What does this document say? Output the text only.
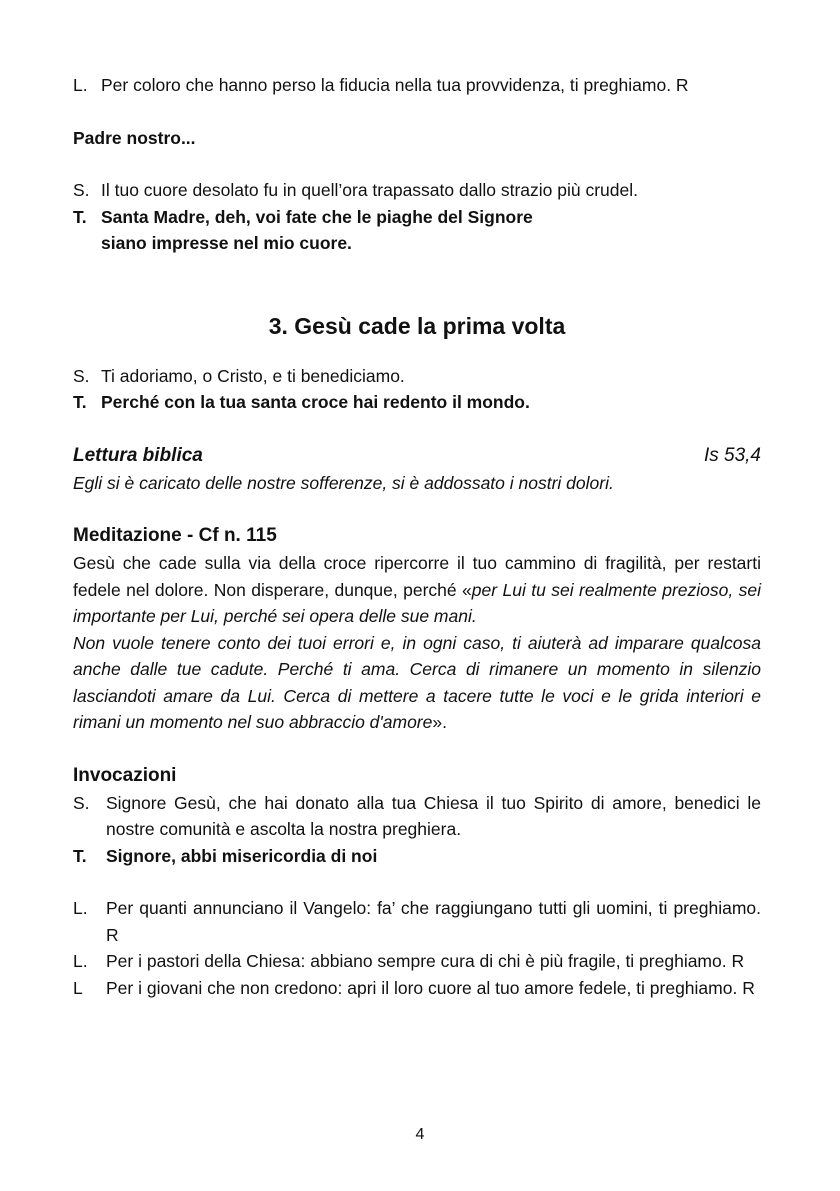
L. Per coloro che hanno perso la fiducia nella tua provvidenza, ti preghiamo. R
Padre nostro...
S. Il tuo cuore desolato fu in quell’ora trapassato dallo strazio più crudel.
T. Santa Madre, deh, voi fate che le piaghe del Signore
siano impresse nel mio cuore.
3. Gesù cade la prima volta
S. Ti adoriamo, o Cristo, e ti benediciamo.
T. Perché con la tua santa croce hai redento il mondo.
Lettura biblica	Is 53,4
Egli si è caricato delle nostre sofferenze, si è addossato i nostri dolori.
Meditazione - Cf n. 115
Gesù che cade sulla via della croce ripercorre il tuo cammino di fragilità, per restarti fedele nel dolore. Non disperare, dunque, perché «per Lui tu sei realmente prezioso, sei importante per Lui, perché sei opera delle sue mani.
Non vuole tenere conto dei tuoi errori e, in ogni caso, ti aiuterà ad imparare qualcosa anche dalle tue cadute. Perché ti ama. Cerca di rimanere un momento in silenzio lasciandoti amare da Lui. Cerca di mettere a tacere tutte le voci e le grida interiori e rimani un momento nel suo abbraccio d'amore».
Invocazioni
S. Signore Gesù, che hai donato alla tua Chiesa il tuo Spirito di amore, benedici le nostre comunità e ascolta la nostra preghiera.
T.	Signore, abbi misericordia di noi
L.	Per quanti annunciano il Vangelo: fa’ che raggiungano tutti gli uomini, ti preghiamo. R
L.	Per i pastori della Chiesa: abbiano sempre cura di chi è più fragile, ti preghiamo. R
L	Per i giovani che non credono: apri il loro cuore al tuo amore fedele, ti preghiamo. R
4
